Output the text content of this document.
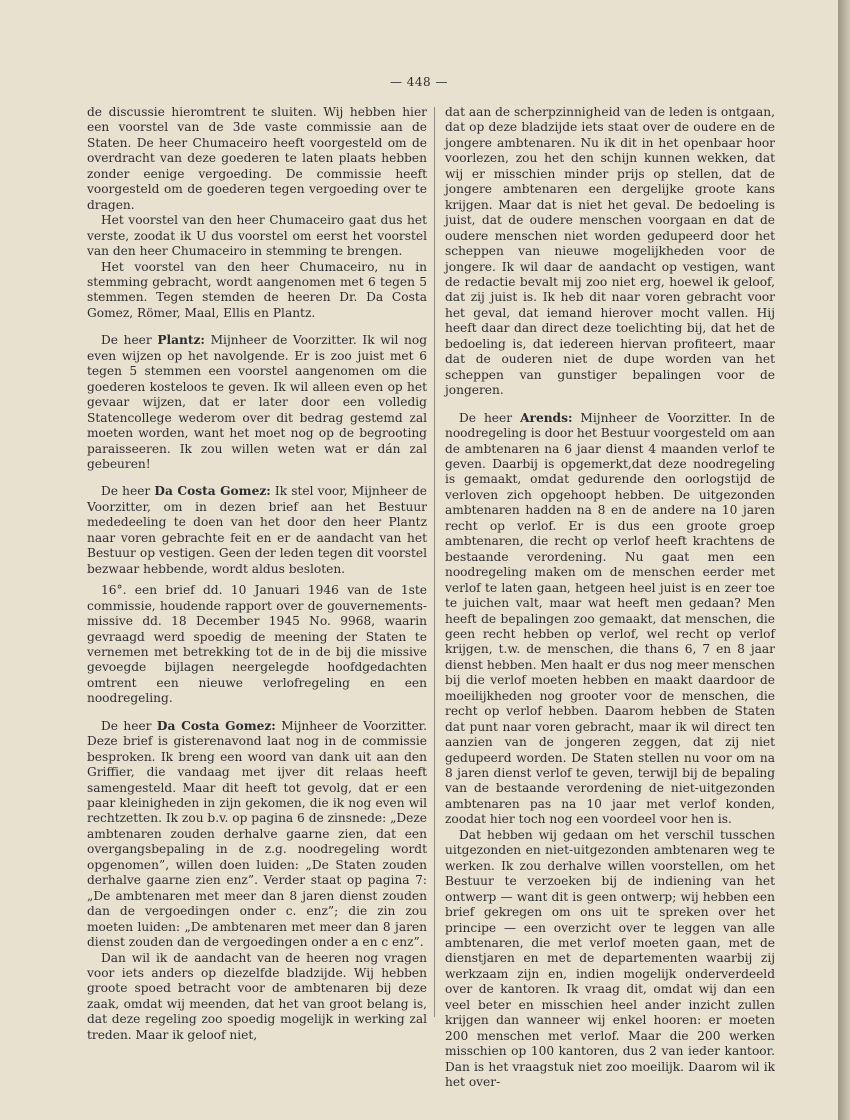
— 448 —

de discussie hieromtrent te sluiten. Wij hebben hier een voorstel van de 3de vaste commissie aan de Staten. De heer Chumaceiro heeft voorgesteld om de overdracht van deze goederen te laten plaats hebben zonder eenige vergoeding. De commissie heeft voorgesteld om de goederen tegen vergoeding over te dragen.

Het voorstel van den heer Chumaceiro gaat dus het verste, zoodat ik U dus voorstel om eerst het voorstel van den heer Chumaceiro in stemming te brengen.

Het voorstel van den heer Chumaceiro, nu in stemming gebracht, wordt aangenomen met 6 tegen 5 stemmen. Tegen stemden de heeren Dr. Da Costa Gomez, Römer, Maal, Ellis en Plantz.

De heer Plantz: Mijnheer de Voorzitter. Ik wil nog even wijzen op het navolgende. Er is zoo juist met 6 tegen 5 stemmen een voorstel aangenomen om die goederen kosteloos te geven. Ik wil alleen even op het gevaar wijzen, dat er later door een volledig Statencollege wederom over dit bedrag gestemd zal moeten worden, want het moet nog op de begrooting paraisseeren. Ik zou willen weten wat er dán zal gebeuren!

De heer Da Costa Gomez: Ik stel voor, Mijnheer de Voorzitter, om in dezen brief aan het Bestuur mededeeling te doen van het door den heer Plantz naar voren gebrachte feit en er de aandacht van het Bestuur op vestigen. Geen der leden tegen dit voorstel bezwaar hebbende, wordt aldus besloten.

16°. een brief dd. 10 Januari 1946 van de 1ste commissie, houdende rapport over de gouvernements-missive dd. 18 December 1945 No. 9968, waarin gevraagd werd spoedig de meening der Staten te vernemen met betrekking tot de in de bij die missive gevoegde bijlagen neergelegde hoofdgedachten omtrent een nieuwe verlofregeling en een noodregeling.

De heer Da Costa Gomez: Mijnheer de Voorzitter. Deze brief is gisterenavond laat nog in de commissie besproken. Ik breng een woord van dank uit aan den Griffier, die vandaag met ijver dit relaas heeft samengesteld. Maar dit heeft tot gevolg, dat er een paar kleinigheden in zijn gekomen, die ik nog even wil rechtzetten. Ik zou b.v. op pagina 6 de zinsnede: „Deze ambtenaren zouden derhalve gaarne zien, dat een overgangsbepaling in de z.g. noodregeling wordt opgenomen”, willen doen luiden: „De Staten zouden derhalve gaarne zien enz”. Verder staat op pagina 7: „De ambtenaren met meer dan 8 jaren dienst zouden dan de vergoedingen onder c. enz”; die zin zou moeten luiden: „De ambtenaren met meer dan 8 jaren dienst zouden dan de vergoedingen onder a en c enz”.

Dan wil ik de aandacht van de heeren nog vragen voor iets anders op diezelfde bladzijde. Wij hebben groote spoed betracht voor de ambtenaren bij deze zaak, omdat wij meenden, dat het van groot belang is, dat deze regeling zoo spoedig mogelijk in werking zal treden. Maar ik geloof niet,

dat aan de scherpzinnigheid van de leden is ontgaan, dat op deze bladzijde iets staat over de oudere en de jongere ambtenaren. Nu ik dit in het openbaar hoor voorlezen, zou het den schijn kunnen wekken, dat wij er misschien minder prijs op stellen, dat de jongere ambtenaren een dergelijke groote kans krijgen. Maar dat is niet het geval. De bedoeling is juist, dat de oudere menschen voorgaan en dat de oudere menschen niet worden gedupeerd door het scheppen van nieuwe mogelijkheden voor de jongere. Ik wil daar de aandacht op vestigen, want de redactie bevalt mij zoo niet erg, hoewel ik geloof, dat zij juist is. Ik heb dit naar voren gebracht voor het geval, dat iemand hierover mocht vallen. Hij heeft daar dan direct deze toelichting bij, dat het de bedoeling is, dat iedereen hiervan profiteert, maar dat de ouderen niet de dupe worden van het scheppen van gunstiger bepalingen voor de jongeren.

De heer Arends: Mijnheer de Voorzitter. In de noodregeling is door het Bestuur voorgesteld om aan de ambtenaren na 6 jaar dienst 4 maanden verlof te geven. Daarbij is opgemerkt,dat deze noodregeling is gemaakt, omdat gedurende den oorlogstijd de verloven zich opgehoopt hebben. De uitgezonden ambtenaren hadden na 8 en de andere na 10 jaren recht op verlof. Er is dus een groote groep ambtenaren, die recht op verlof heeft krachtens de bestaande verordening. Nu gaat men een noodregeling maken om de menschen eerder met verlof te laten gaan, hetgeen heel juist is en zeer toe te juichen valt, maar wat heeft men gedaan? Men heeft de bepalingen zoo gemaakt, dat menschen, die geen recht hebben op verlof, wel recht op verlof krijgen, t.w. de menschen, die thans 6, 7 en 8 jaar dienst hebben. Men haalt er dus nog meer menschen bij die verlof moeten hebben en maakt daardoor de moeilijkheden nog grooter voor de menschen, die recht op verlof hebben. Daarom hebben de Staten dat punt naar voren gebracht, maar ik wil direct ten aanzien van de jongeren zeggen, dat zij niet gedupeerd worden. De Staten stellen nu voor om na 8 jaren dienst verlof te geven, terwijl bij de bepaling van de bestaande verordening de niet-uitgezonden ambtenaren pas na 10 jaar met verlof konden, zoodat hier toch nog een voordeel voor hen is.

Dat hebben wij gedaan om het verschil tusschen uitgezonden en niet-uitgezonden ambtenaren weg te werken. Ik zou derhalve willen voorstellen, om het Bestuur te verzoeken bij de indiening van het ontwerp — want dit is geen ontwerp; wij hebben een brief gekregen om ons uit te spreken over het principe — een overzicht over te leggen van alle ambtenaren, die met verlof moeten gaan, met de dienstjaren en met de departementen waarbij zij werkzaam zijn en, indien mogelijk onderverdeeld over de kantoren. Ik vraag dit, omdat wij dan een veel beter en misschien heel ander inzicht zullen krijgen dan wanneer wij enkel hooren: er moeten 200 menschen met verlof. Maar die 200 werken misschien op 100 kantoren, dus 2 van ieder kantoor. Dan is het vraagstuk niet zoo moeilijk. Daarom wil ik het over-
